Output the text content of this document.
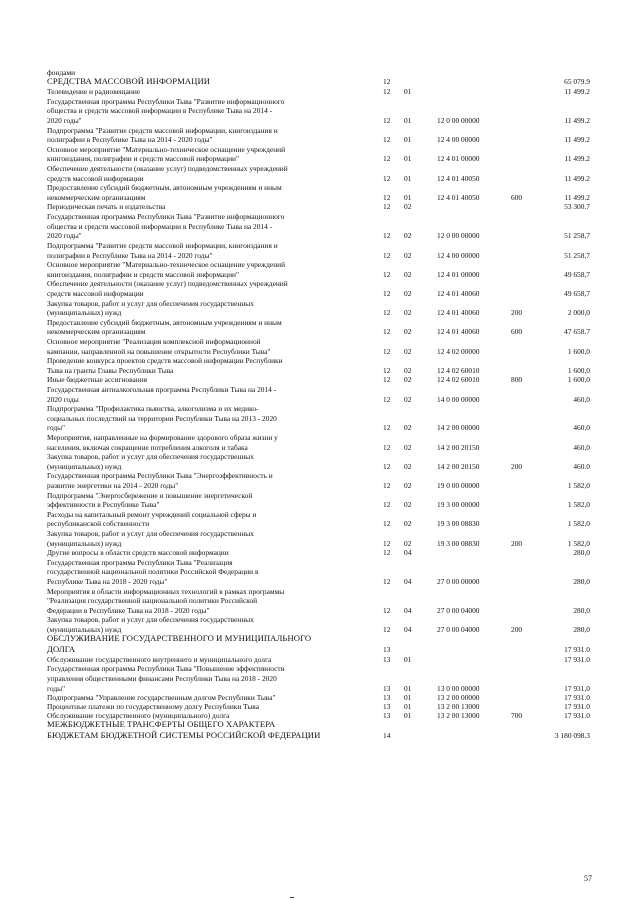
фондами
СРЕДСТВА МАССОВОЙ ИНФОРМАЦИИ	12	65 079.9
Телевидение и радиовещание	12 01	11 499.2
Государственная программа Республики Тыва "Развитие информационного
общества и средств массовой информации в Республике Тыва на 2014 -
2020 годы"	12 01	12 0 00 00000	11 499.2
Подпрограмма "Развитие средств массовой информации, книгоиздания и
полиграфии в Республике Тыва на 2014 - 2020 годы"	12 01	12 4 00 00000	11 499.2
Основное мероприятие "Материально-техническое оснащение учреждений
книгоиздания, полиграфии и средств массовой информации"	12 01	12 4 01 00000	11 499.2
Обеспечение деятельности (оказание услуг) подведомственных учреждений
средств массовой информации	12 01	12 4 01 40050	11 499.2
Предоставление субсидий бюджетным, автономным учреждениям и иным
некоммерческим организациям	12 01	12 4 01 40050	600	11 499.2
Периодическая печать и издательства	12 02	53 300.7
Государственная программа Республики Тыва "Развитие информационного
общества и средств массовой информации в Республике Тыва на 2014 -
2020 годы"	12 02	12 0 00 00000	51 258,7
Подпрограмма "Развитие средств массовой информации, книгоиздания и
полиграфии в Республике Тыва на 2014 - 2020 годы"	12 02	12 4 00 00000	51 258,7
Основное мероприятие "Материально-техническое оснащение учреждений
книгоиздания, полиграфии и средств массовой информации"	12 02	12 4 01 00000	49 658,7
Обеспечение деятельности (оказание услуг) подведомственных учреждений
средств массовой информации	12 02	12 4 01 40060	49 658,7
Закупка товаров, работ и услуг для обеспечения государственных
(муниципальных) нужд	12 02	12 4 01 40060	200	2 000,0
Предоставление субсидий бюджетным, автономным учреждениям и иным
некоммерческим организациям	12 02	12 4 01 40060	600	47 658.7
Основное мероприятие "Реализация комплексной информационной
кампании, направленной на повышение открытости Республики Тыва"	12 02	12 4 02 00000	1 600,0
Проведение конкурса проектов средств массовой информации Республики
Тыва на гранты Главы Республики Тыва	12 02	12 4 02 60010	1 600,0
Иные бюджетные ассигнования	12 02	12 4 02 60010	800	1 600,0
Государственная антиалкогольная программа Республики Тыва на 2014 -
2020 годы	12 02	14 0 00 00000	460,0
Подпрограмма "Профилактика пьянства, алкоголизма и их медико-
социальных последствий на территории Республики Тыва на 2013 - 2020
годы"	12 02	14 2 00 00000	460,0
Мероприятия, направленные на формирование здорового образа жизни у
населения, включая сокращение потребления алкоголя и табака	12 02	14 2 00 20150	460,0
Закупка товаров, работ и услуг для обеспечения государственных
(муниципальных) нужд	12 02	14 2 00 20150	200	460.0
Государственная программа Республики Тыва "Энергоэффективность и
развитие энергетики на 2014 - 2020 годы"	12 02	19 0 00 00000	1 582,0
Подпрограмма "Энергосбережение и повышение энергетической
эффективности в Республике Тыва"	12 02	19 3 00 00000	1 582,0
Расходы на капитальный ремонт учреждений социальной сферы и
республиканской собственности	12 02	19 3 00 08830	1 582,0
Закупка товаров, работ и услуг для обеспечения государственных
(муниципальных) нужд	12 02	19 3 00 08830	200	1 582,0
Другие вопросы в области средств массовой информации	12 04	280,0
Государственная программа Республики Тыва "Реализация
государственной национальной политики Российской Федерации в
Республике Тыва на 2018 - 2020 годы"	12 04	27 0 00 00000	280,0
Мероприятия в области информационных технологий в рамках программы
"Реализация государственной национальной политики Российской
Федерации в Республике Тыва на 2018 - 2020 годы"	12 04	27 0 00 04000	280,0
Закупка товаров, работ и услуг для обеспечения государственных
(муниципальных) нужд	12 04	27 0 00 04000	200	280,0
ОБСЛУЖИВАНИЕ ГОСУДАРСТВЕННОГО И МУНИЦИПАЛЬНОГО
ДОЛГА	13	17 931.0
Обслуживание государственного внутреннего и муниципального долга	13 01	17 931.0
Государственная программа Республики Тыва "Повышение эффективности
управления общественными финансами Республики Тыва на 2018 - 2020
годы"	13 01	13 0 00 00000	17 931,0
Подпрограмма "Управление государственным долгом Республики Тыва"	13 01	13 2 00 00000	17 931.0
Процентные платежи по государственному долгу Республики Тыва	13 01	13 2 00 13000	17 931.0
Обслуживание государственного (муниципального) долга	13 01	13 2 00 13000	700	17 931.0
МЕЖБЮДЖЕТНЫЕ ТРАНСФЕРТЫ ОБЩЕГО ХАРАКТЕРА
БЮДЖЕТАМ БЮДЖЕТНОЙ СИСТЕМЫ РОССИЙСКОЙ ФЕДЕРАЦИИ	14	3 180 098.3
57
